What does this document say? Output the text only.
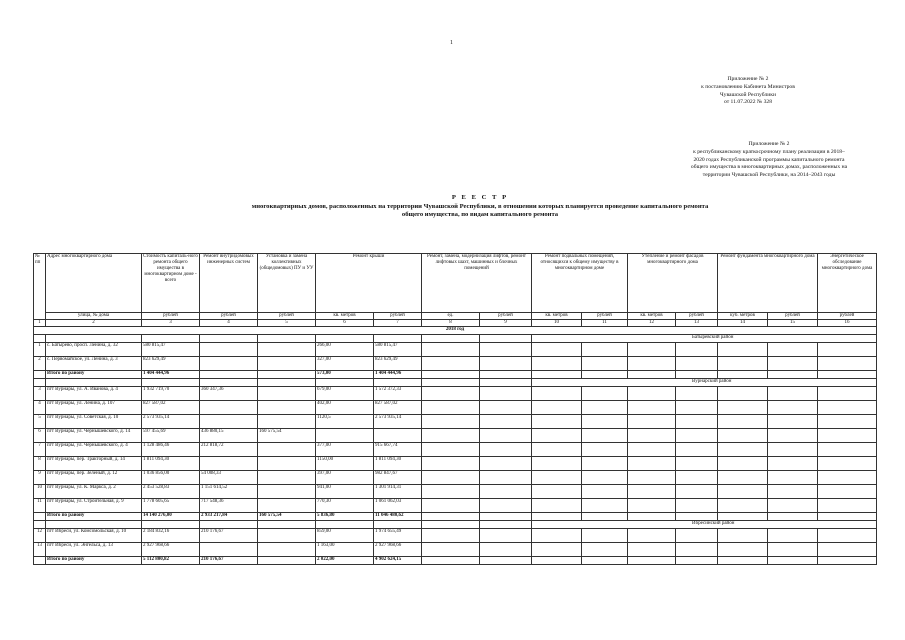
1
Приложение № 2
к постановлению Кабинета Министров
Чувашской Республики
от 11.07.2022 № 328
Приложение № 2
к республиканскому краткосрочному плану реализации в 2018–
2020 годах Республиканской программы капитального ремонта
общего имущества в многоквартирных домах, расположенных на
территории Чувашской Республики, на 2014–2043 годы
Р Е Е С Т Р
многоквартирных домов, расположенных на территории Чувашской Республики, в отношении которых планируется проведение капитального ремонта
общего имущества, по видам капитального ремонта
№ пп	Адрес многоквартирного дома	Стоимость капиталь-ного ремонта общего имущества в многоквартирном доме - всего	Ремонт внутридомовых инженерных систем	Установка и замена коллективных (общедомовых) ПУ и УУ	Ремонт крыши		Ремонт, замена, модернизация лифтов, ремонт лифтовых шахт, машинных и блочных помещений		Ремонт подвальных помещений, относящихся к общему имуществу в многоквартирном доме		Утепление и ремонт фасадов многоквартирного дома		Ремонт фундамента многоквартирного дома		Энергетическое обследование многоквартирного дома
	улица, № дома	рублей	рублей	рублей	кв. метров	рублей	ед.	рублей	кв. метров	рублей	кв. метров	рублей	куб. метров	рублей	рублей
1	2	3	4	5	6	7	8	9	10	11	12	13	14	15	16
2018 год															
									Батыревский район						
1	с. Батырево, просп. Ленина, д. 32	580 815,47			266,00	580 815,47									
2	с. Первомайское, ул. Ленина, д. 3	823 629,49			327,00	823 629,49									
	Итого по району	1 404 444,96			573,00	1 404 444,96									
									Вурнарский район						
3	пгт Вурнары, ул. А. Иванова, д. 4	1 932 719,70	360 347,36		679,00	1 572 372,33									
4	пгт Вурнары, ул. Ленина, д. 107	827 587,02			402,00	827 587,02									
5	пгт Вурнары, ул. Советская, д. 10	2 573 935,14			1120,5	2 573 935,14									
6	пгт Вурнары, ул. Чернышевского, д. 14	597 455,69	436 880,15	160 575,54											
7	пгт Вурнары, ул. Чернышевского, д. 4	1 128 486,46	212 818,72		377,00	915 667,74									
8	пгт Вурнары, пер. Тракторный, д. 14	1 811 094,30			1150,00	1 811 094,30									
9	пгт Вурнары, пер. Зеленый, д. 12	1 036 856,00	54 008,33		397,00	982 847,67									
10	пгт Вурнары, ул. К. Маркса, д. 2	2 453 528,83	1 151 614,52		941,00	1 301 914,31									
11	пгт Вурнары, ул. Строительная, д. 9	1 778 605,65	717 548,36		770,30	1 061 062,03									
	Итого по району	14 140 276,00	2 933 217,84	160 575,54	5 836,80	11 046 480,62									
									Ибресинский район						
12	пгт Ибреси, ул. Комсомольская, д. 10	2 184 832,16	210 176,67		859,00	1 974 655,49									
13	пгт Ибреси, ул. Энгельса, д. 13	2 927 968,66			1 163,00	2 927 968,66									
	Итого по району	5 112 800,82	210 176,67		2 022,00	4 902 624,15									
